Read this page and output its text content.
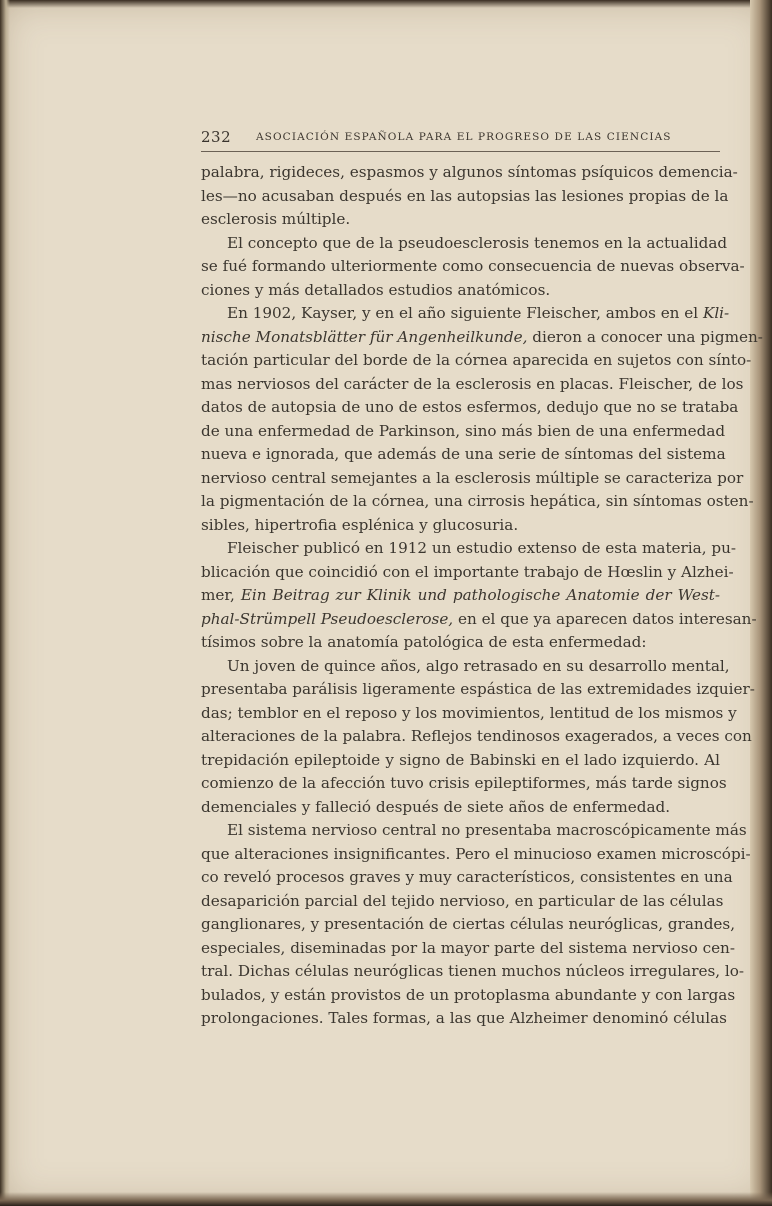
232 ASOCIACIÓN ESPAÑOLA PARA EL PROGRESO DE LAS CIENCIAS
palabra, rigideces, espasmos y algunos síntomas psíquicos demencia-
les—no acusaban después en las autopsias las lesiones propias de la
esclerosis múltiple.
El concepto que de la pseudoesclerosis tenemos en la actualidad
se fué formando ulteriormente como consecuencia de nuevas observa-
ciones y más detallados estudios anatómicos.
En 1902, Kayser, y en el año siguiente Fleischer, ambos en el Kli-
nische Monatsblätter für Angenheilkunde, dieron a conocer una pigmen-
tación particular del borde de la córnea aparecida en sujetos con sínto-
mas nerviosos del carácter de la esclerosis en placas. Fleischer, de los
datos de autopsia de uno de estos esfermos, dedujo que no se trataba
de una enfermedad de Parkinson, sino más bien de una enfermedad
nueva e ignorada, que además de una serie de síntomas del sistema
nervioso central semejantes a la esclerosis múltiple se caracteriza por
la pigmentación de la córnea, una cirrosis hepática, sin síntomas osten-
sibles, hipertrofia esplénica y glucosuria.
Fleischer publicó en 1912 un estudio extenso de esta materia, pu-
blicación que coincidió con el importante trabajo de Hœslin y Alzhei-
mer, Ein Beitrag zur Klinik und pathologische Anatomie der West-
phal-Strümpell Pseudoesclerose, en el que ya aparecen datos interesan-
tísimos sobre la anatomía patológica de esta enfermedad:
Un joven de quince años, algo retrasado en su desarrollo mental,
presentaba parálisis ligeramente espástica de las extremidades izquier-
das; temblor en el reposo y los movimientos, lentitud de los mismos y
alteraciones de la palabra. Reflejos tendinosos exagerados, a veces con
trepidación epileptoide y signo de Babinski en el lado izquierdo. Al
comienzo de la afección tuvo crisis epileptiformes, más tarde signos
demenciales y falleció después de siete años de enfermedad.
El sistema nervioso central no presentaba macroscópicamente más
que alteraciones insignificantes. Pero el minucioso examen microscópi-
co reveló procesos graves y muy característicos, consistentes en una
desaparición parcial del tejido nervioso, en particular de las células
ganglionares, y presentación de ciertas células neuróglicas, grandes,
especiales, diseminadas por la mayor parte del sistema nervioso cen-
tral. Dichas células neuróglicas tienen muchos núcleos irregulares, lo-
bulados, y están provistos de un protoplasma abundante y con largas
prolongaciones. Tales formas, a las que Alzheimer denominó células
